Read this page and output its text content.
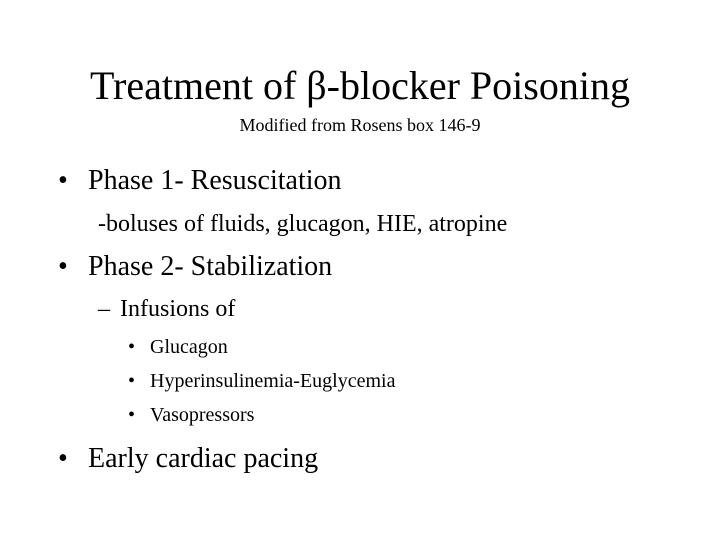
Treatment of β-blocker Poisoning
Modified from Rosens box 146-9
• Phase 1- Resuscitation
-boluses of fluids, glucagon, HIE, atropine
• Phase 2- Stabilization
– Infusions of
• Glucagon
• Hyperinsulinemia-Euglycemia
• Vasopressors
• Early cardiac pacing
